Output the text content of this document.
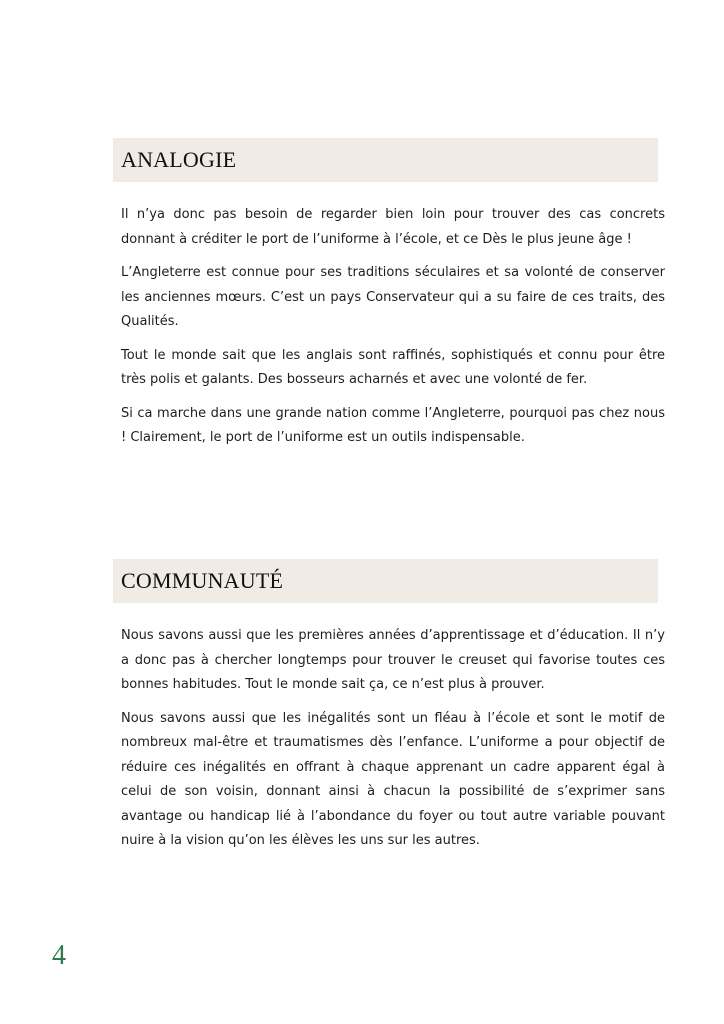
ANALOGIE

Il n’ya donc pas besoin de regarder bien loin pour trouver des cas concrets donnant à créditer le port de l’uniforme à l’école, et ce Dès le plus jeune âge !

L’Angleterre est connue pour ses traditions séculaires et sa volonté de conserver les anciennes mœurs. C’est un pays Conservateur qui a su faire de ces traits, des Qualités.

Tout le monde sait que les anglais sont raffinés, sophistiqués et connu pour être très polis et galants. Des bosseurs acharnés et avec une volonté de fer.

Si ca marche dans une grande nation comme l’Angleterre, pourquoi pas chez nous ! Clairement, le port de l’uniforme est un outils indispensable.

COMMUNAUTÉ

Nous savons aussi que les premières années d’apprentissage et d’éducation. Il n’y a donc pas à chercher longtemps pour trouver le creuset qui favorise toutes ces bonnes habitudes. Tout le monde sait ça, ce n’est plus à prouver.

Nous savons aussi que les inégalités sont un fléau à l’école et sont le motif de nombreux mal-être et traumatismes dès l’enfance. L’uniforme a pour objectif de réduire ces inégalités en offrant à chaque apprenant un cadre apparent égal à celui de son voisin, donnant ainsi à chacun la possibilité de s’exprimer sans avantage ou handicap lié à l’abondance du foyer ou tout autre variable pouvant nuire à la vision qu’on les élèves les uns sur les autres.

4
